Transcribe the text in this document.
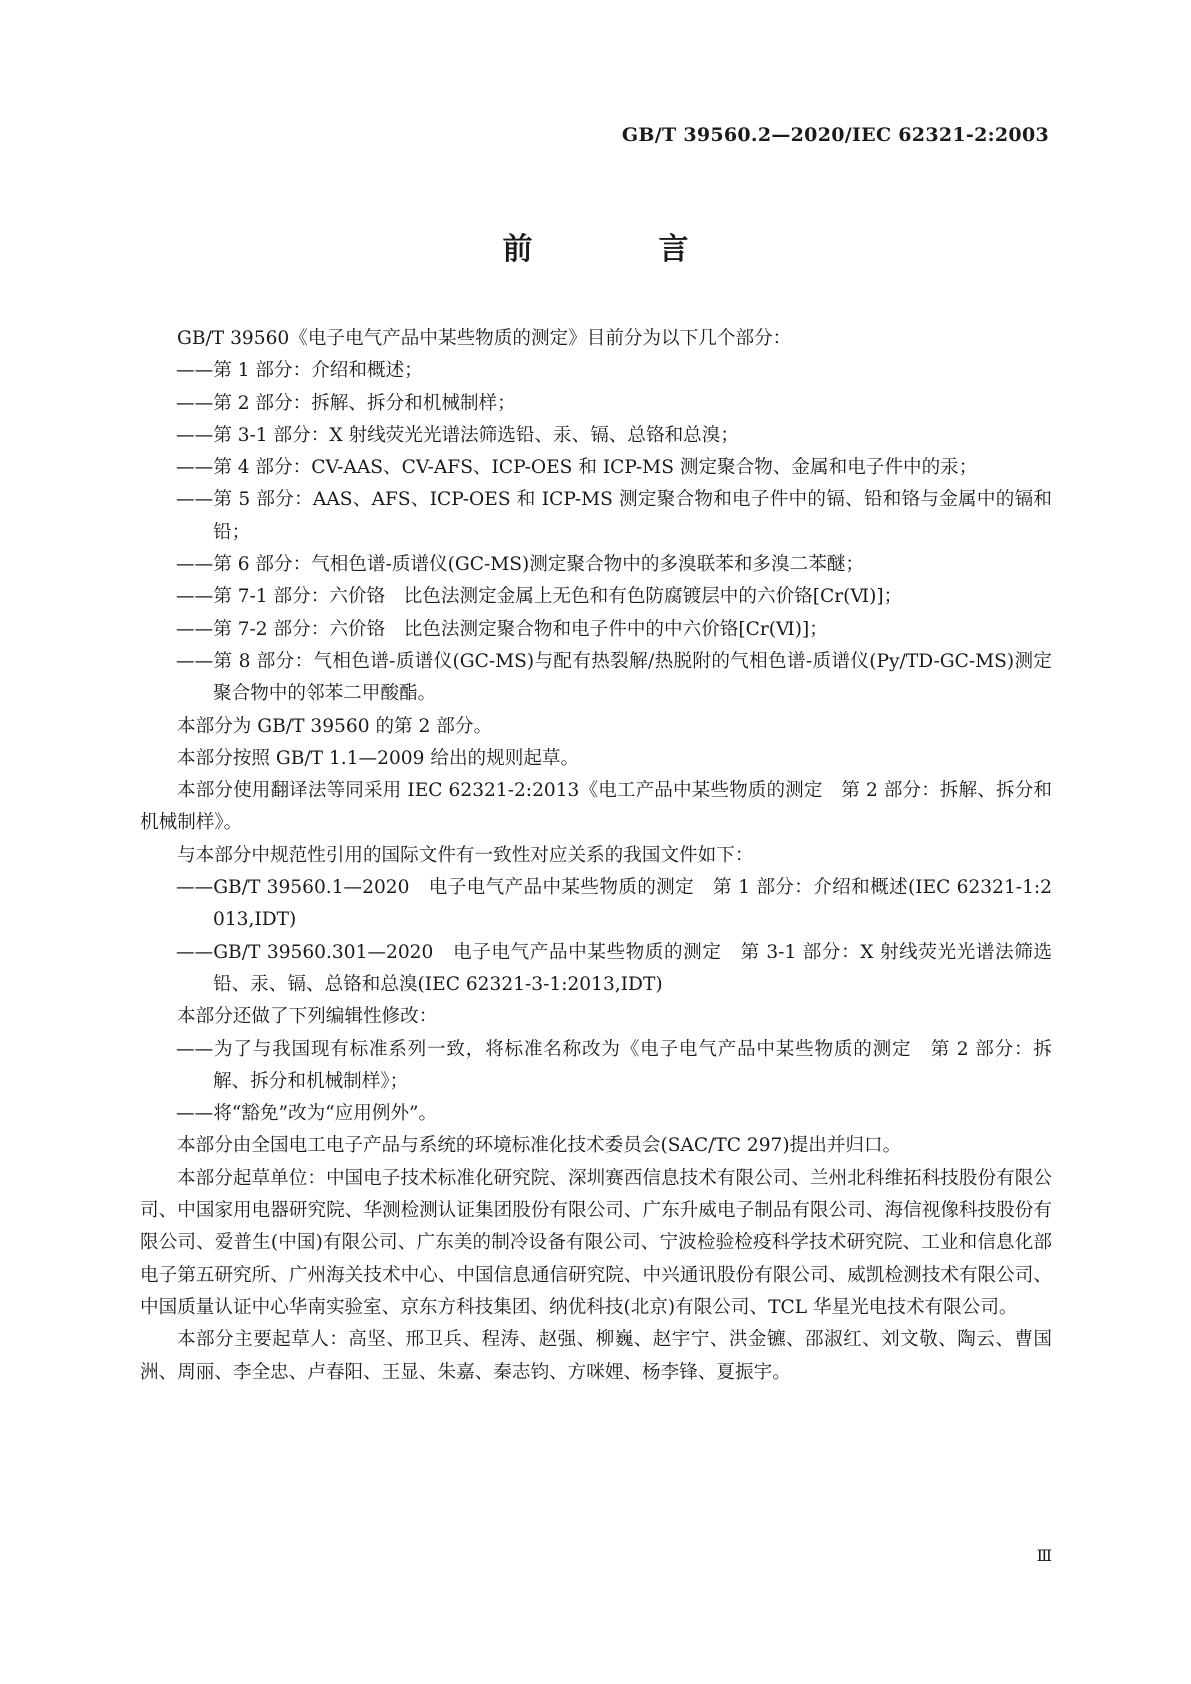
GB/T 39560.2—2020/IEC 62321-2:2003
前　言

GB/T 39560《电子电气产品中某些物质的测定》目前分为以下几个部分：

——第 1 部分：介绍和概述；

——第 2 部分：拆解、拆分和机械制样；

——第 3-1 部分：X 射线荧光光谱法筛选铅、汞、镉、总铬和总溴；

——第 4 部分：CV-AAS、CV-AFS、ICP-OES 和 ICP-MS 测定聚合物、金属和电子件中的汞；

——第 5 部分：AAS、AFS、ICP-OES 和 ICP-MS 测定聚合物和电子件中的镉、铅和铬与金属中的镉和铅；

——第 6 部分：气相色谱-质谱仪(GC-MS)测定聚合物中的多溴联苯和多溴二苯醚；

——第 7-1 部分：六价铬　比色法测定金属上无色和有色防腐镀层中的六价铬[Cr(Ⅵ)]；

——第 7-2 部分：六价铬　比色法测定聚合物和电子件中的中六价铬[Cr(Ⅵ)]；

——第 8 部分：气相色谱-质谱仪(GC-MS)与配有热裂解/热脱附的气相色谱-质谱仪(Py/TD-GC-MS)测定聚合物中的邻苯二甲酸酯。

本部分为 GB/T 39560 的第 2 部分。

本部分按照 GB/T 1.1—2009 给出的规则起草。

本部分使用翻译法等同采用 IEC 62321-2:2013《电工产品中某些物质的测定　第 2 部分：拆解、拆分和机械制样》。

与本部分中规范性引用的国际文件有一致性对应关系的我国文件如下：

——GB/T 39560.1—2020　电子电气产品中某些物质的测定　第 1 部分：介绍和概述(IEC 62321-1:2013,IDT)

——GB/T 39560.301—2020　电子电气产品中某些物质的测定　第 3-1 部分：X 射线荧光光谱法筛选铅、汞、镉、总铬和总溴(IEC 62321-3-1:2013,IDT)

本部分还做了下列编辑性修改：

——为了与我国现有标准系列一致，将标准名称改为《电子电气产品中某些物质的测定　第 2 部分：拆解、拆分和机械制样》；

——将“豁免”改为“应用例外”。

本部分由全国电工电子产品与系统的环境标准化技术委员会(SAC/TC 297)提出并归口。

本部分起草单位：中国电子技术标准化研究院、深圳赛西信息技术有限公司、兰州北科维拓科技股份有限公司、中国家用电器研究院、华测检测认证集团股份有限公司、广东升威电子制品有限公司、海信视像科技股份有限公司、爱普生(中国)有限公司、广东美的制冷设备有限公司、宁波检验检疫科学技术研究院、工业和信息化部电子第五研究所、广州海关技术中心、中国信息通信研究院、中兴通讯股份有限公司、威凯检测技术有限公司、中国质量认证中心华南实验室、京东方科技集团、纳优科技(北京)有限公司、TCL 华星光电技术有限公司。

本部分主要起草人：高坚、邢卫兵、程涛、赵强、柳巍、赵宇宁、洪金镳、邵淑红、刘文敬、陶云、曹国洲、周丽、李全忠、卢春阳、王显、朱嘉、秦志钧、方咪娌、杨李锋、夏振宇。

Ⅲ
